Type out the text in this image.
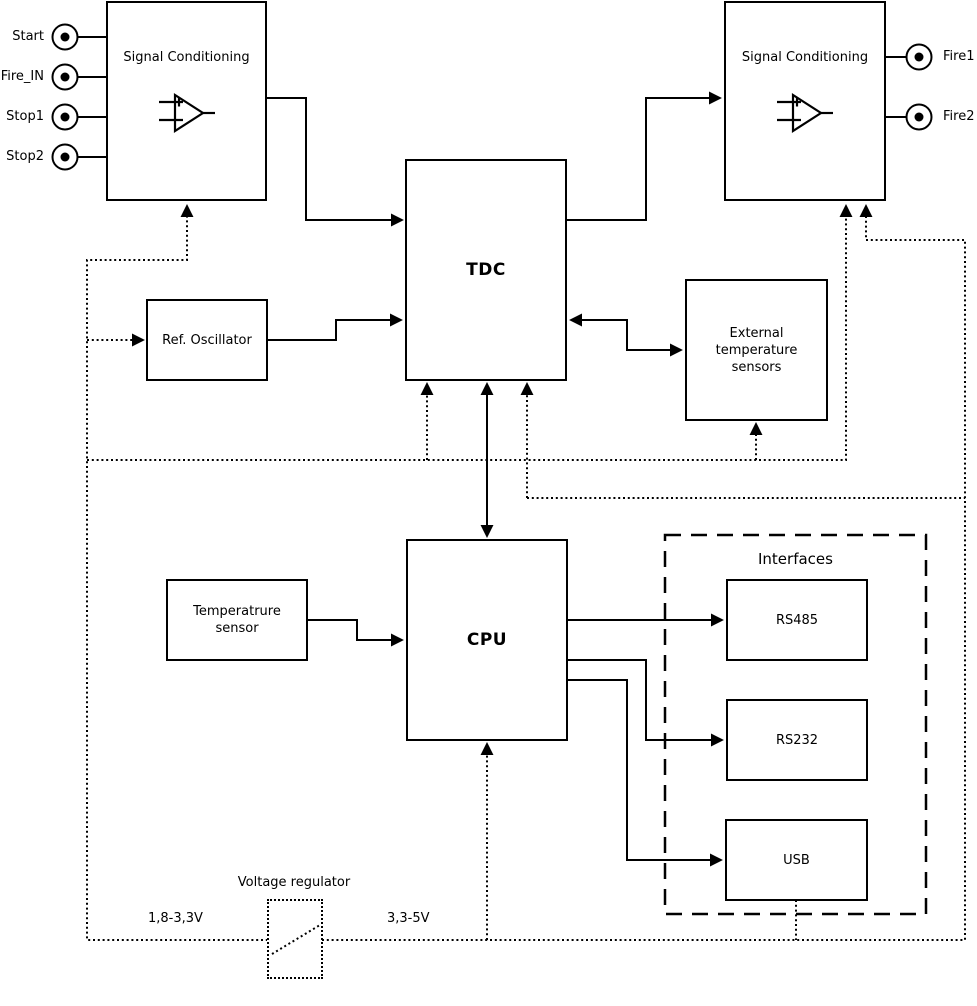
Signal Conditioning	Signal Conditioning
TDC
Ref. Oscillator	External temperature sensors
CPU
Temperatrure sensor
RS485
RS232
USB
Interfaces
Voltage regulator
1,8-3,3V	3,3-5V
Start
Fire_IN
Stop1
Stop2
Fire1
Fire2
